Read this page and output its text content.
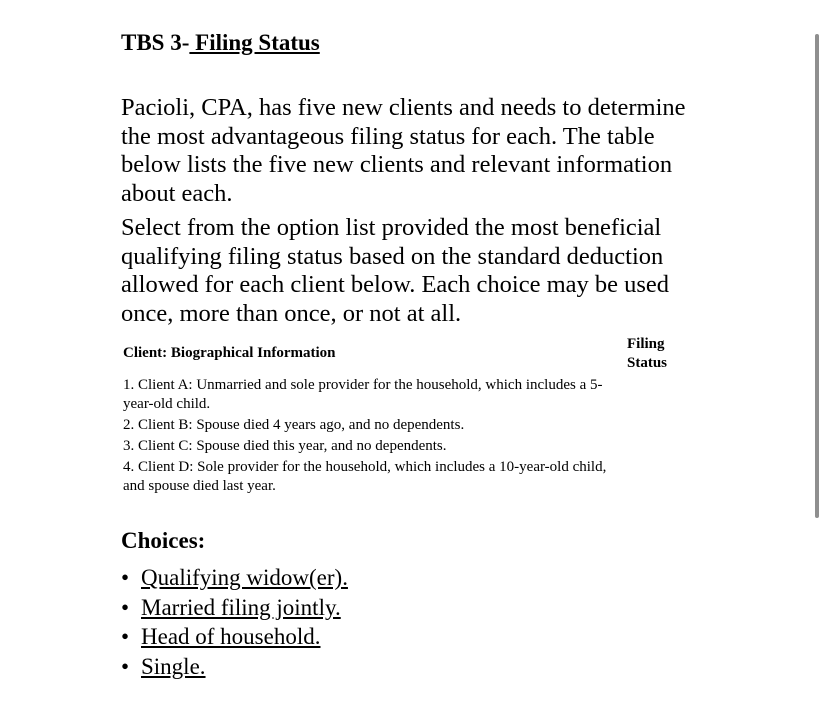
TBS 3- Filing Status

Pacioli, CPA, has five new clients and needs to determine the most advantageous filing status for each. The table below lists the five new clients and relevant information about each.

Select from the option list provided the most beneficial qualifying filing status based on the standard deduction allowed for each client below. Each choice may be used once, more than once, or not at all.

Client: Biographical Information
Filing
Status
1. Client A: Unmarried and sole provider for the household, which includes a 5-year-old child.
2. Client B: Spouse died 4 years ago, and no dependents.
3. Client C: Spouse died this year, and no dependents.
4. Client D: Sole provider for the household, which includes a 10-year-old child, and spouse died last year.
Choices:
• Qualifying widow(er).
• Married filing jointly.
• Head of household.
• Single.
